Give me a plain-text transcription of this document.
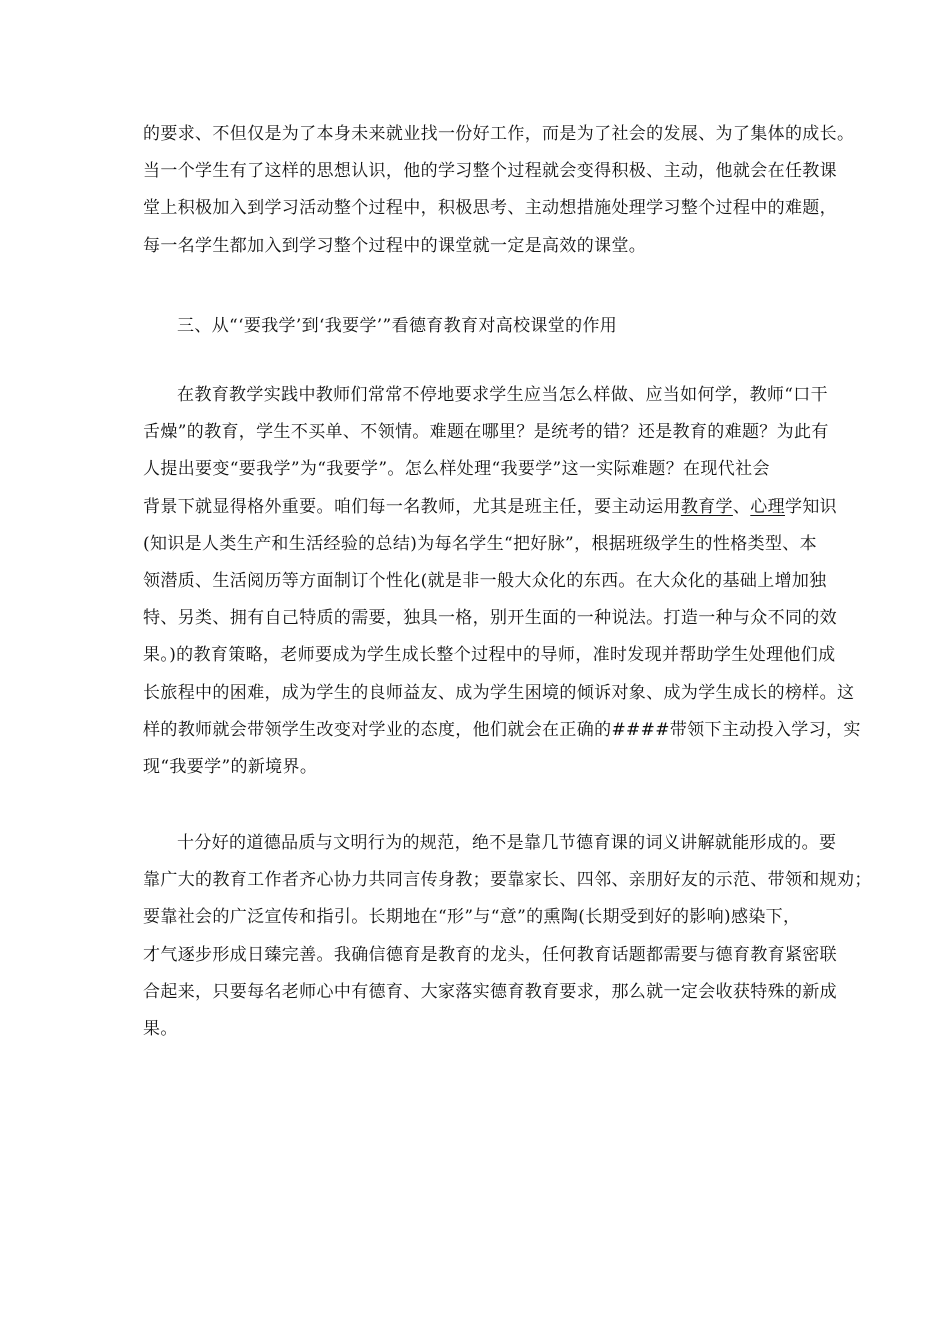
的要求、不但仅是为了本身未来就业找一份好工作，而是为了社会的发展、为了集体的成长。
当一个学生有了这样的思想认识，他的学习整个过程就会变得积极、主动，他就会在任教课
堂上积极加入到学习活动整个过程中，积极思考、主动想措施处理学习整个过程中的难题，
每一名学生都加入到学习整个过程中的课堂就一定是高效的课堂。

三、从“‘要我学’到‘我要学’”看德育教育对高校课堂的作用

在教育教学实践中教师们常常不停地要求学生应当怎么样做、应当如何学，教师“口干
舌燥”的教育，学生不买单、不领情。难题在哪里？是统考的错？还是教育的难题？为此有
人提出要变“要我学”为“我要学”。怎么样处理“我要学”这一实际难题？在现代社会
背景下就显得格外重要。咱们每一名教师，尤其是班主任，要主动运用教育学、心理学知识
(知识是人类生产和生活经验的总结)为每名学生“把好脉”，根据班级学生的性格类型、本
领潜质、生活阅历等方面制订个性化(就是非一般大众化的东西。在大众化的基础上增加独
特、另类、拥有自己特质的需要，独具一格，别开生面的一种说法。打造一种与众不同的效
果。)的教育策略，老师要成为学生成长整个过程中的导师，准时发现并帮助学生处理他们成
长旅程中的困难，成为学生的良师益友、成为学生困境的倾诉对象、成为学生成长的榜样。这
样的教师就会带领学生改变对学业的态度，他们就会在正确的####带领下主动投入学习，实
现“我要学”的新境界。

十分好的道德品质与文明行为的规范，绝不是靠几节德育课的词义讲解就能形成的。要
靠广大的教育工作者齐心协力共同言传身教；要靠家长、四邻、亲朋好友的示范、带领和规劝；
要靠社会的广泛宣传和指引。长期地在“形”与“意”的熏陶(长期受到好的影响)感染下，
才气逐步形成日臻完善。我确信德育是教育的龙头，任何教育话题都需要与德育教育紧密联
合起来，只要每名老师心中有德育、大家落实德育教育要求，那么就一定会收获特殊的新成
果。
